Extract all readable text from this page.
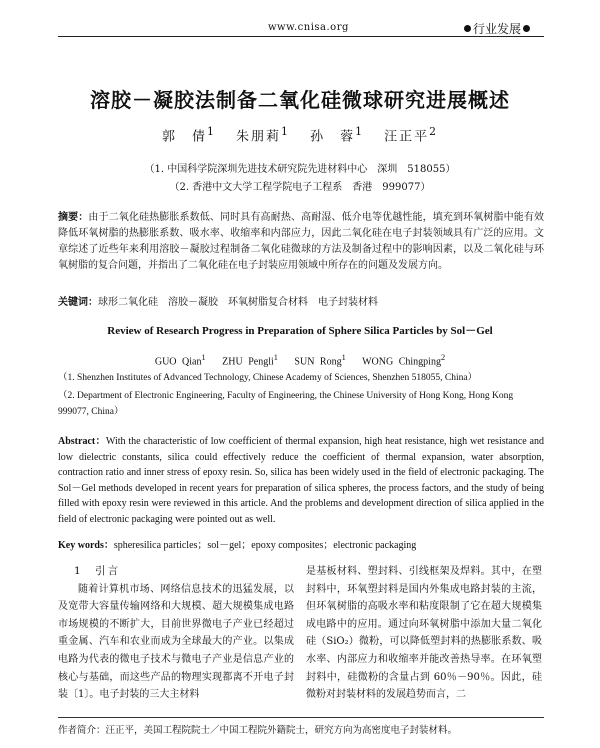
www.cnisa.org	行业发展
溶胶－凝胶法制备二氧化硅微球研究进展概述
郭　倩$^1$ 朱朋莉$^1$ 孙　蓉$^1$ 汪正平$^2$
（1. 中国科学院深圳先进技术研究院先进材料中心　深圳　518055）
（2. 香港中文大学工程学院电子工程系　香港　999077）
摘要：由于二氧化硅热膨胀系数低、同时具有高耐热、高耐湿、低介电等优越性能，填充到环氧树脂中能有效降低环氧树脂的热膨胀系数、吸水率、收缩率和内部应力，因此二氧化硅在电子封装领域具有广泛的应用。文章综述了近些年来利用溶胶－凝胶过程制备二氧化硅微球的方法及制备过程中的影响因素，以及二氧化硅与环氧树脂的复合问题，并指出了二氧化硅在电子封装应用领域中所存在的问题及发展方向。
关键词：球形二氧化硅　溶胶－凝胶　环氧树脂复合材料　电子封装材料
Review of Research Progress in Preparation of Sphere Silica Particles by Sol－Gel
GUO Qian$^1$ ZHU Pengli$^1$ SUN Rong$^1$ WONG Chingping$^2$
（1. Shenzhen Institutes of Advanced Technology, Chinese Academy of Sciences, Shenzhen 518055, China）
（2. Department of Electronic Engineering, Faculty of Engineering, the Chinese University of Hong Kong, Hong Kong 999077, China）
Abstract：With the characteristic of low coefficient of thermal expansion, high heat resistance, high wet resistance and low dielectric constants, silica could effectively reduce the coefficient of thermal expansion, water absorption, contraction ratio and inner stress of epoxy resin. So, silica has been widely used in the field of electronic packaging. The Sol－Gel methods developed in recent years for preparation of silica spheres, the process factors, and the study of being filled with epoxy resin were reviewed in this article. And the problems and development direction of silica applied in the field of electronic packaging were pointed out as well.
Key words：spheresilica particles；sol－gel；epoxy composites；electronic packaging
1　引言

随着计算机市场、网络信息技术的迅猛发展，以及宽带大容量传输网络和大规模、超大规模集成电路市场规模的不断扩大，目前世界微电子产业已经超过重金属、汽车和农业而成为全球最大的产业。以集成电路为代表的微电子技术与微电子产业是信息产业的核心与基础，而这些产品的物理实现都离不开电子封装〔1〕。电子封装的三大主材料

是基板材料、塑封料、引线框架及焊料。其中，在塑封料中，环氧塑封料是国内外集成电路封装的主流，但环氧树脂的高吸水率和粘度限制了它在超大规模集成电路中的应用。通过向环氧树脂中添加大量二氧化硅（SiO₂）微粉，可以降低塑封料的热膨胀系数、吸水率、内部应力和收缩率并能改善热导率。在环氧塑封料中，硅微粉的含量占到 60％－90％。因此，硅微粉对封装材料的发展趋势而言，二

作者简介：汪正平，美国工程院院士／中国工程院外籍院士，研究方向为高密度电子封装材料。
